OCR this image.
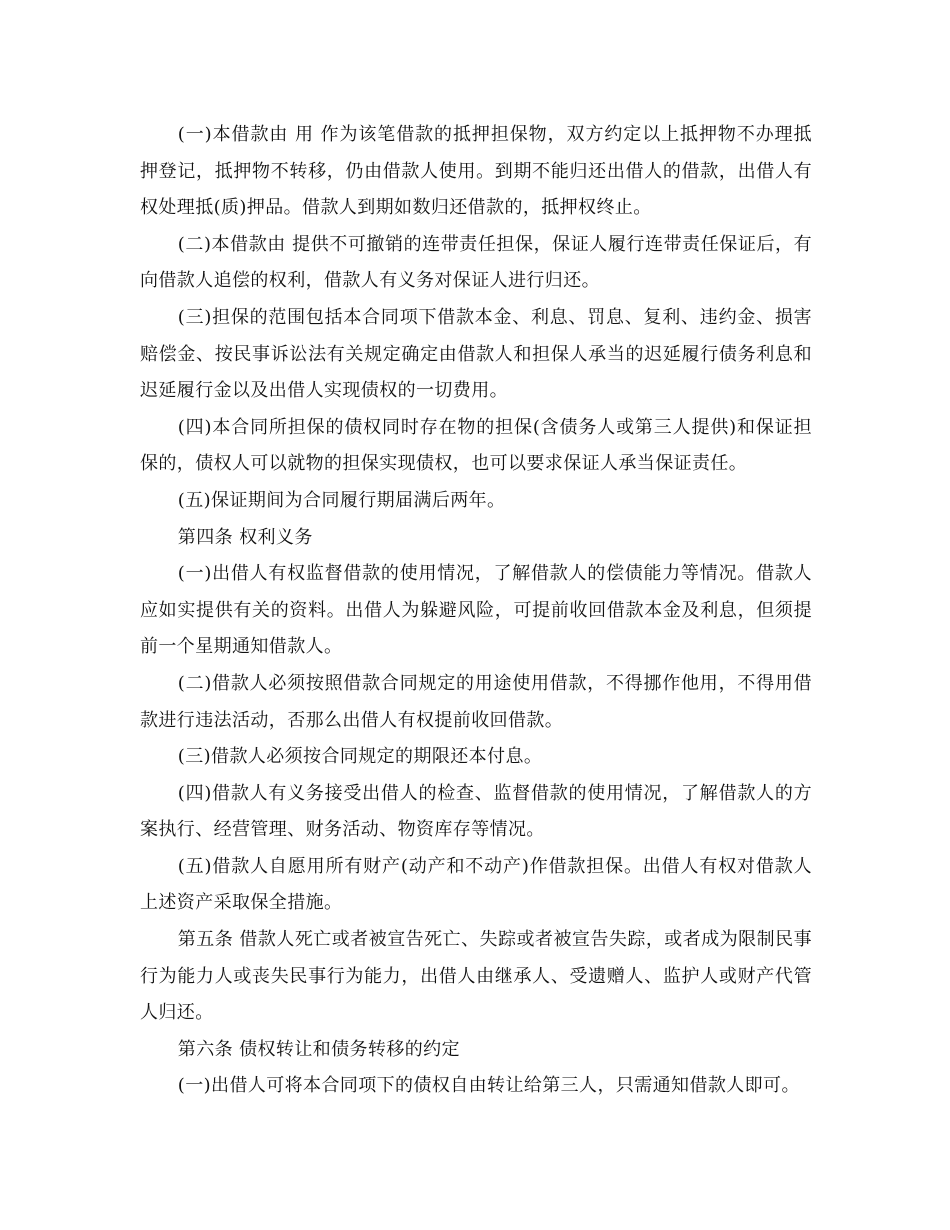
(一)本借款由 用 作为该笔借款的抵押担保物，双方约定以上抵押物不办理抵押登记，抵押物不转移，仍由借款人使用。到期不能归还出借人的借款，出借人有权处理抵(质)押品。借款人到期如数归还借款的，抵押权终止。

(二)本借款由 提供不可撤销的连带责任担保，保证人履行连带责任保证后，有向借款人追偿的权利，借款人有义务对保证人进行归还。

(三)担保的范围包括本合同项下借款本金、利息、罚息、复利、违约金、损害赔偿金、按民事诉讼法有关规定确定由借款人和担保人承当的迟延履行债务利息和迟延履行金以及出借人实现债权的一切费用。

(四)本合同所担保的债权同时存在物的担保(含债务人或第三人提供)和保证担保的，债权人可以就物的担保实现债权，也可以要求保证人承当保证责任。

(五)保证期间为合同履行期届满后两年。

第四条 权利义务

(一)出借人有权监督借款的使用情况，了解借款人的偿债能力等情况。借款人应如实提供有关的资料。出借人为躲避风险，可提前收回借款本金及利息，但须提前一个星期通知借款人。

(二)借款人必须按照借款合同规定的用途使用借款，不得挪作他用，不得用借款进行违法活动，否那么出借人有权提前收回借款。

(三)借款人必须按合同规定的期限还本付息。

(四)借款人有义务接受出借人的检查、监督借款的使用情况，了解借款人的方案执行、经营管理、财务活动、物资库存等情况。

(五)借款人自愿用所有财产(动产和不动产)作借款担保。出借人有权对借款人上述资产采取保全措施。

第五条 借款人死亡或者被宣告死亡、失踪或者被宣告失踪，或者成为限制民事行为能力人或丧失民事行为能力，出借人由继承人、受遗赠人、监护人或财产代管人归还。

第六条 债权转让和债务转移的约定

(一)出借人可将本合同项下的债权自由转让给第三人，只需通知借款人即可。
